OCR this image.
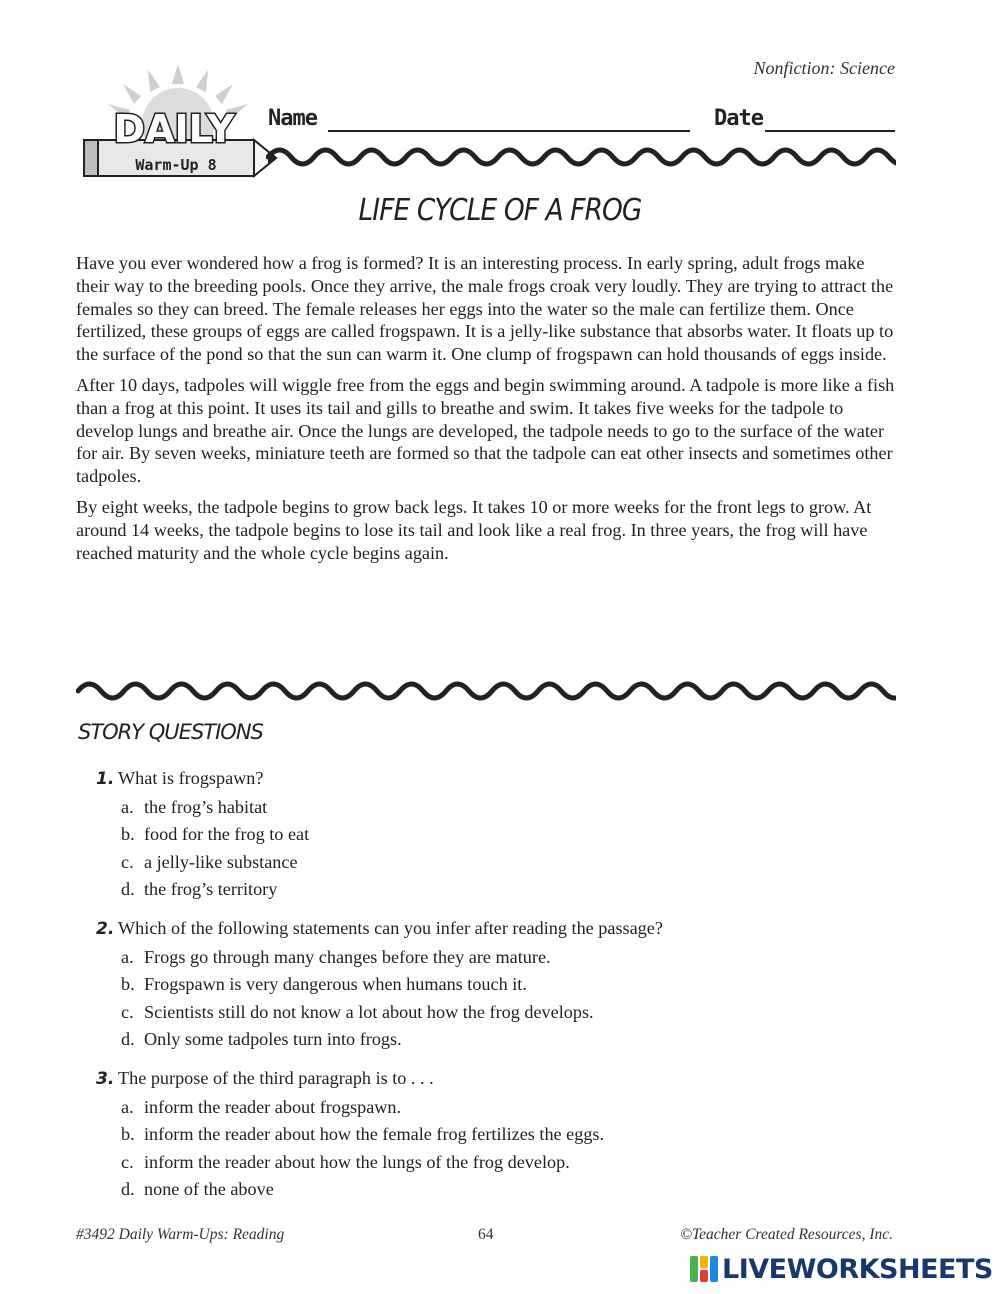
Nonfiction: Science
DAILY
Warm-Up 8
Name	Date
LIFE CYCLE OF A FROG

Have you ever wondered how a frog is formed? It is an interesting process. In early spring, adult frogs make their way to the breeding pools. Once they arrive, the male frogs croak very loudly. They are trying to attract the females so they can breed. The female releases her eggs into the water so the male can fertilize them. Once fertilized, these groups of eggs are called frogspawn. It is a jelly-like substance that absorbs water. It floats up to the surface of the pond so that the sun can warm it. One clump of frogspawn can hold thousands of eggs inside.

After 10 days, tadpoles will wiggle free from the eggs and begin swimming around. A tadpole is more like a fish than a frog at this point. It uses its tail and gills to breathe and swim. It takes five weeks for the tadpole to develop lungs and breathe air. Once the lungs are developed, the tadpole needs to go to the surface of the water for air. By seven weeks, miniature teeth are formed so that the tadpole can eat other insects and sometimes other tadpoles.

By eight weeks, the tadpole begins to grow back legs. It takes 10 or more weeks for the front legs to grow. At around 14 weeks, the tadpole begins to lose its tail and look like a real frog. In three years, the frog will have reached maturity and the whole cycle begins again.

STORY QUESTIONS
1. What is frogspawn?
a. the frog’s habitat
b. food for the frog to eat
c. a jelly-like substance
d. the frog’s territory
2. Which of the following statements can you infer after reading the passage?
a. Frogs go through many changes before they are mature.
b. Frogspawn is very dangerous when humans touch it.
c. Scientists still do not know a lot about how the frog develops.
d. Only some tadpoles turn into frogs.
3. The purpose of the third paragraph is to . . .
a. inform the reader about frogspawn.
b. inform the reader about how the female frog fertilizes the eggs.
c. inform the reader about how the lungs of the frog develop.
d. none of the above
#3492 Daily Warm-Ups: Reading	64	©Teacher Created Resources, Inc.
LIVEWORKSHEETS
